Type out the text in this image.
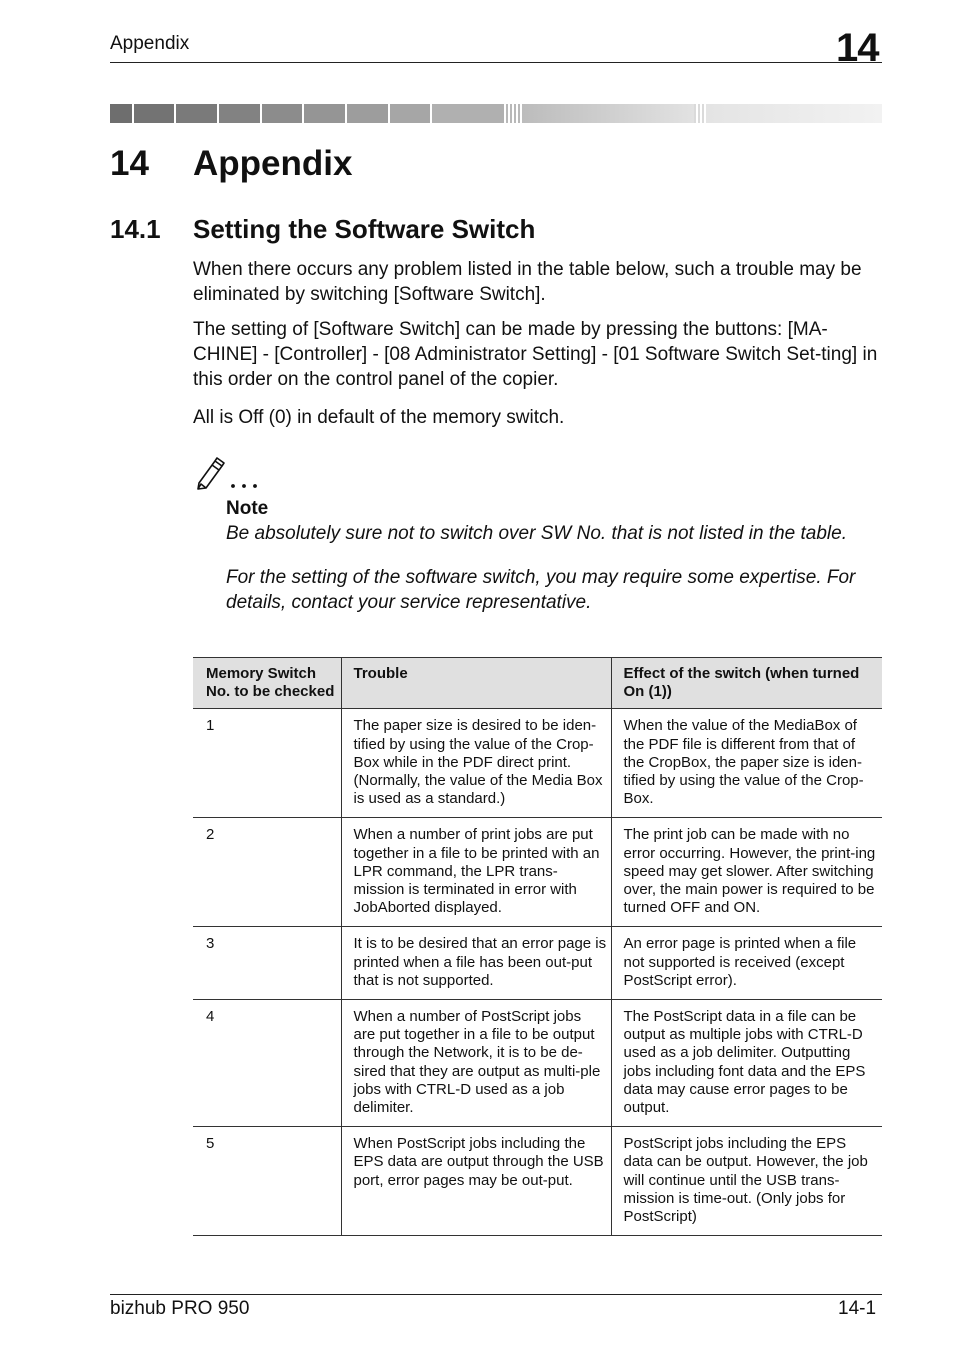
Appendix	14
14 Appendix
14.1 Setting the Software Switch
When there occurs any problem listed in the table below, such a trouble may be eliminated by switching [Software Switch].
The setting of [Software Switch] can be made by pressing the buttons: [MA-CHINE] - [Controller] - [08 Administrator Setting] - [01 Software Switch Set-ting] in this order on the control panel of the copier.
All is Off (0) in default of the memory switch.
Note
Be absolutely sure not to switch over SW No. that is not listed in the table.
For the setting of the software switch, you may require some expertise. For details, contact your service representative.
Memory Switch No. to be checked	Trouble	Effect of the switch (when turned On (1))
1	The paper size is desired to be iden-tified by using the value of the Crop-Box while in the PDF direct print. (Normally, the value of the Media Box is used as a standard.)	When the value of the MediaBox of the PDF file is different from that of the CropBox, the paper size is iden-tified by using the value of the Crop-Box.
2	When a number of print jobs are put together in a file to be printed with an LPR command, the LPR trans-mission is terminated in error with JobAborted displayed.	The print job can be made with no error occurring. However, the print-ing speed may get slower. After switching over, the main power is required to be turned OFF and ON.
3	It is to be desired that an error page is printed when a file has been out-put that is not supported.	An error page is printed when a file not supported is received (except PostScript error).
4	When a number of PostScript jobs are put together in a file to be output through the Network, it is to be de-sired that they are output as multi-ple jobs with CTRL-D used as a job delimiter.	The PostScript data in a file can be output as multiple jobs with CTRL-D used as a job delimiter. Outputting jobs including font data and the EPS data may cause error pages to be output.
5	When PostScript jobs including the EPS data are output through the USB port, error pages may be out-put.	PostScript jobs including the EPS data can be output. However, the job will continue until the USB trans-mission is time-out. (Only jobs for PostScript)
bizhub PRO 950	14-1
